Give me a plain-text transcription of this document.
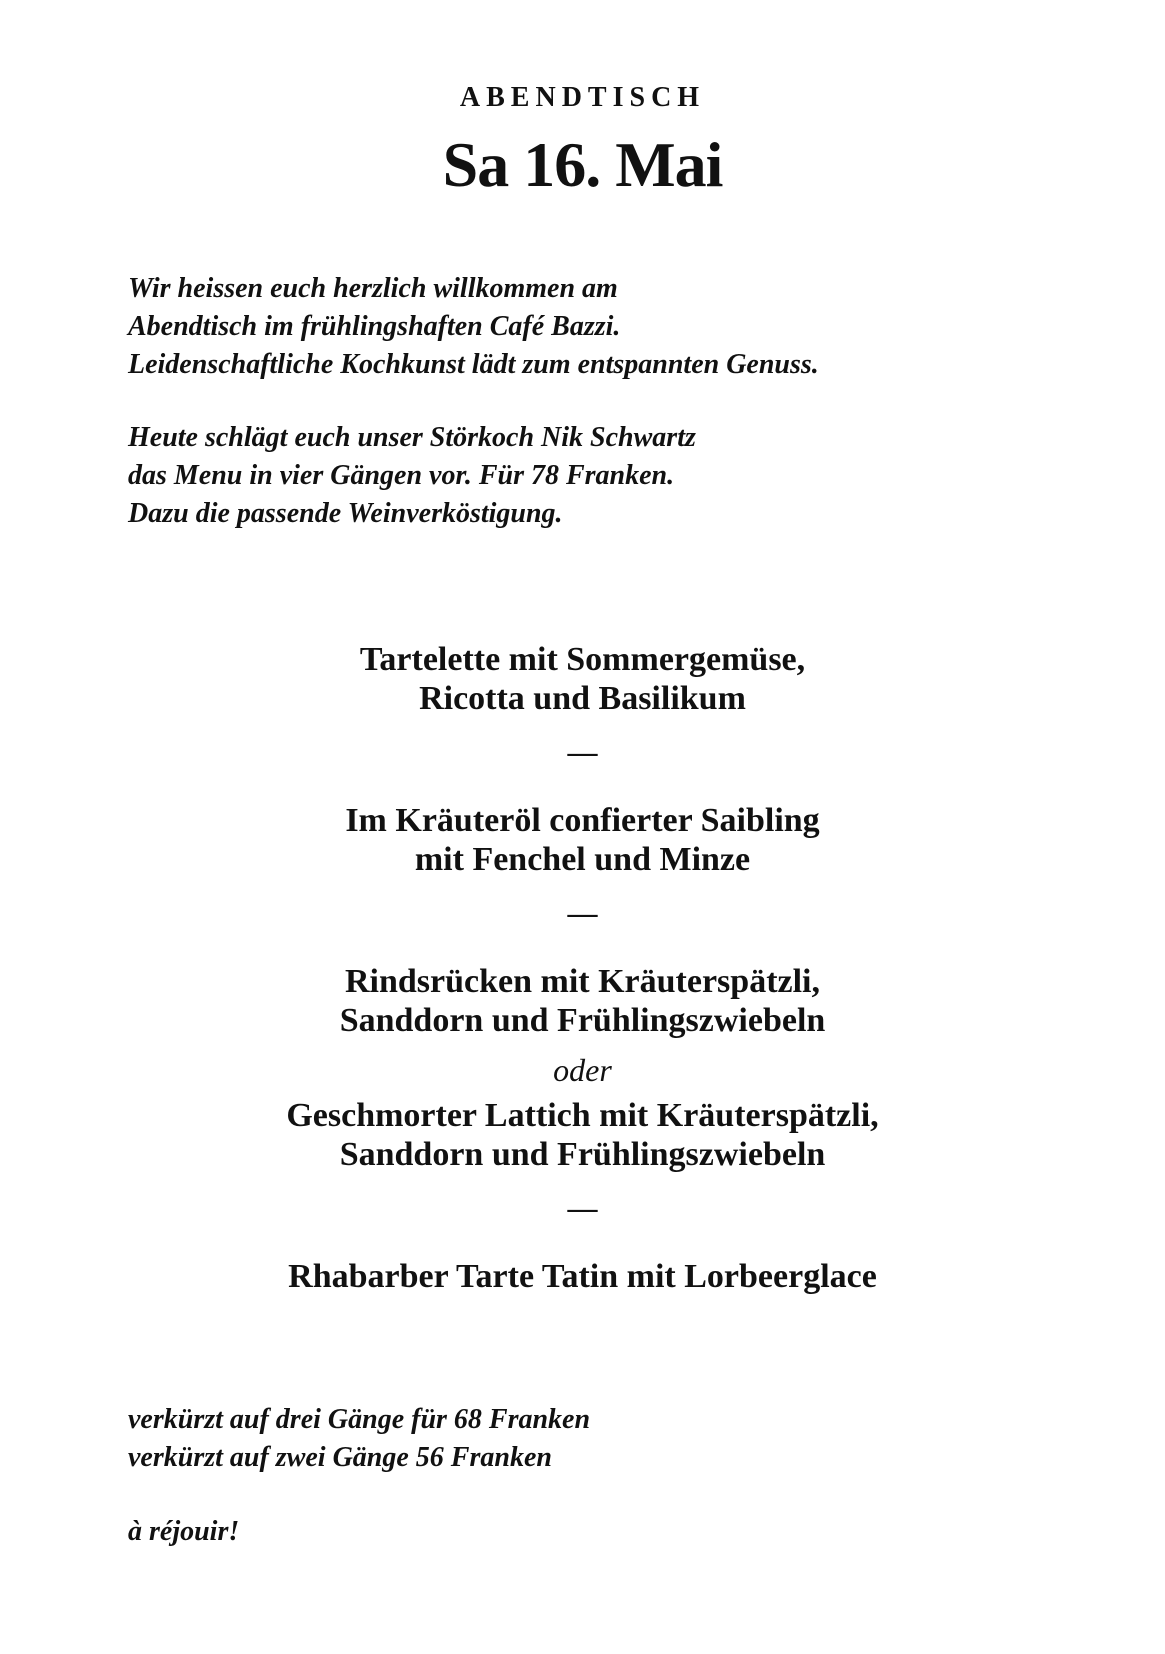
ABENDTISCH
Sa 16. Mai
Wir heissen euch herzlich willkommen am
Abendtisch im frühlingshaften Café Bazzi.
Leidenschaftliche Kochkunst lädt zum entspannten Genuss.
Heute schlägt euch unser Störkoch Nik Schwartz
das Menu in vier Gängen vor. Für 78 Franken.
Dazu die passende Weinverköstigung.
Tartelette mit Sommergemüse,
Ricotta und Basilikum
—
Im Kräuteröl confierter Saibling
mit Fenchel und Minze
—
Rindsrücken mit Kräuterspätzli,
Sanddorn und Frühlingszwiebeln
oder
Geschmorter Lattich mit Kräuterspätzli,
Sanddorn und Frühlingszwiebeln
—
Rhabarber Tarte Tatin mit Lorbeerglace
verkürzt auf drei Gänge für 68 Franken
verkürzt auf zwei Gänge 56 Franken
à réjouir!
